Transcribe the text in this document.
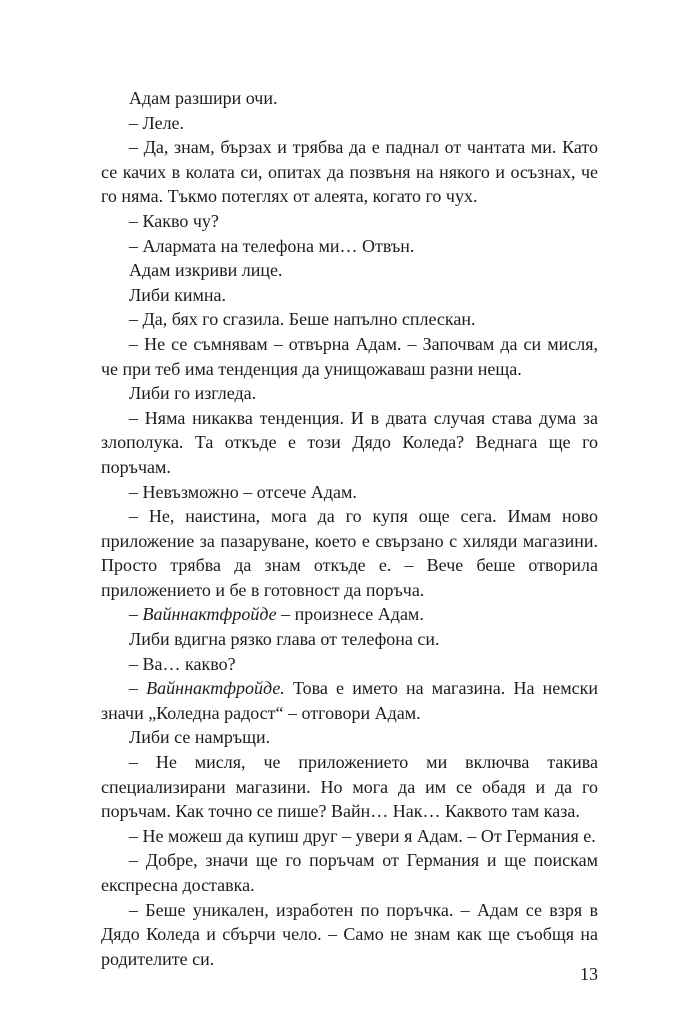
Адам разшири очи.

– Леле.

– Да, знам, бързах и трябва да е паднал от чантата ми. Като се качих в колата си, опитах да позвъня на някого и осъзнах, че го няма. Тъкмо потеглях от алеята, когато го чух.

– Какво чу?

– Алармата на телефона ми… Отвън.

Адам изкриви лице.

Либи кимна.

– Да, бях го сгазила. Беше напълно сплескан.

– Не се съмнявам – отвърна Адам. – Започвам да си мисля, че при теб има тенденция да унищожаваш разни неща.

Либи го изгледа.

– Няма никаква тенденция. И в двата случая става дума за злополука. Та откъде е този Дядо Коледа? Веднага ще го поръчам.

– Невъзможно – отсече Адам.

– Не, наистина, мога да го купя още сега. Имам ново приложение за пазаруване, което е свързано с хиляди магазини. Просто трябва да знам откъде е. – Вече беше отворила приложението и бе в готовност да поръча.

– Вайннактфройде – произнесе Адам.

Либи вдигна рязко глава от телефона си.

– Ва… какво?

– Вайннактфройде. Това е името на магазина. На немски значи „Коледна радост“ – отговори Адам.

Либи се намръщи.

– Не мисля, че приложението ми включва такива специализирани магазини. Но мога да им се обадя и да го поръчам. Как точно се пише? Вайн… Нак… Каквото там каза.

– Не можеш да купиш друг – увери я Адам. – От Германия е.

– Добре, значи ще го поръчам от Германия и ще поискам експресна доставка.

– Беше уникален, изработен по поръчка. – Адам се взря в Дядо Коледа и сбърчи чело. – Само не знам как ще съобщя на родителите си.

13
